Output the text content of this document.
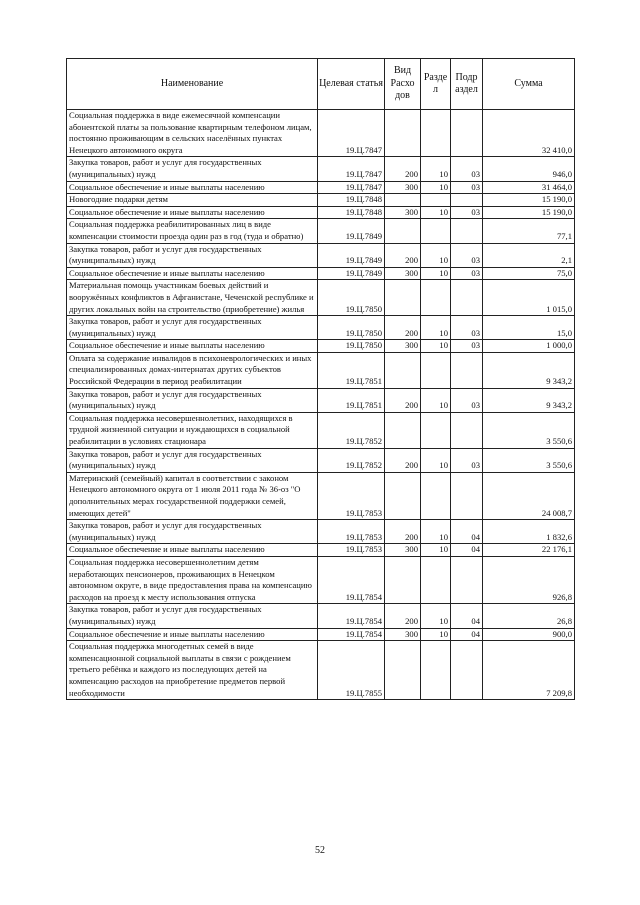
Наименование	Целевая статья	Вид Расхо дов	Разде л	Подр аздел	Сумма
Социальная поддержка в виде ежемесячной компенсации абонентской платы за пользование квартирным телефоном лицам, постоянно проживающим в сельских населённых пунктах Ненецкого автономного округа	19.Ц.7847				32 410,0
Закупка товаров, работ и услуг для государственных (муниципальных) нужд	19.Ц.7847	200	10	03	946,0
Социальное обеспечение и иные выплаты населению	19.Ц.7847	300	10	03	31 464,0
Новогодние подарки детям	19.Ц.7848				15 190,0
Социальное обеспечение и иные выплаты населению	19.Ц.7848	300	10	03	15 190,0
Социальная поддержка реабилитированных лиц в виде компенсации стоимости проезда один раз в год (туда и обратно)	19.Ц.7849				77,1
Закупка товаров, работ и услуг для государственных (муниципальных) нужд	19.Ц.7849	200	10	03	2,1
Социальное обеспечение и иные выплаты населению	19.Ц.7849	300	10	03	75,0
Материальная помощь участникам боевых действий и вооружённых конфликтов в Афганистане, Чеченской республике и других локальных войн на строительство (приобретение) жилья	19.Ц.7850				1 015,0
Закупка товаров, работ и услуг для государственных (муниципальных) нужд	19.Ц.7850	200	10	03	15,0
Социальное обеспечение и иные выплаты населению	19.Ц.7850	300	10	03	1 000,0
Оплата за содержание инвалидов в психоневрологических и иных специализированных домах-интернатах других субъектов Российской Федерации в период реабилитации	19.Ц.7851				9 343,2
Закупка товаров, работ и услуг для государственных (муниципальных) нужд	19.Ц.7851	200	10	03	9 343,2
Социальная поддержка несовершеннолетних, находящихся в трудной жизненной ситуации и нуждающихся в социальной реабилитации в условиях стационара	19.Ц.7852				3 550,6
Закупка товаров, работ и услуг для государственных (муниципальных) нужд	19.Ц.7852	200	10	03	3 550,6
Материнский (семейный) капитал в соответствии с законом Ненецкого автономного округа от 1 июля 2011 года № 36-оз "О дополнительных мерах государственной поддержки семей, имеющих детей"	19.Ц.7853				24 008,7
Закупка товаров, работ и услуг для государственных (муниципальных) нужд	19.Ц.7853	200	10	04	1 832,6
Социальное обеспечение и иные выплаты населению	19.Ц.7853	300	10	04	22 176,1
Социальная поддержка несовершеннолетним детям неработающих пенсионеров, проживающих в Ненецком автономном округе, в виде предоставления права на компенсацию расходов на проезд к месту использования отпуска	19.Ц.7854				926,8
Закупка товаров, работ и услуг для государственных (муниципальных) нужд	19.Ц.7854	200	10	04	26,8
Социальное обеспечение и иные выплаты населению	19.Ц.7854	300	10	04	900,0
Социальная поддержка многодетных семей в виде компенсационной социальной выплаты в связи с рождением третьего ребёнка и каждого из последующих детей на компенсацию расходов на приобретение предметов первой необходимости	19.Ц.7855				7 209,8
52
